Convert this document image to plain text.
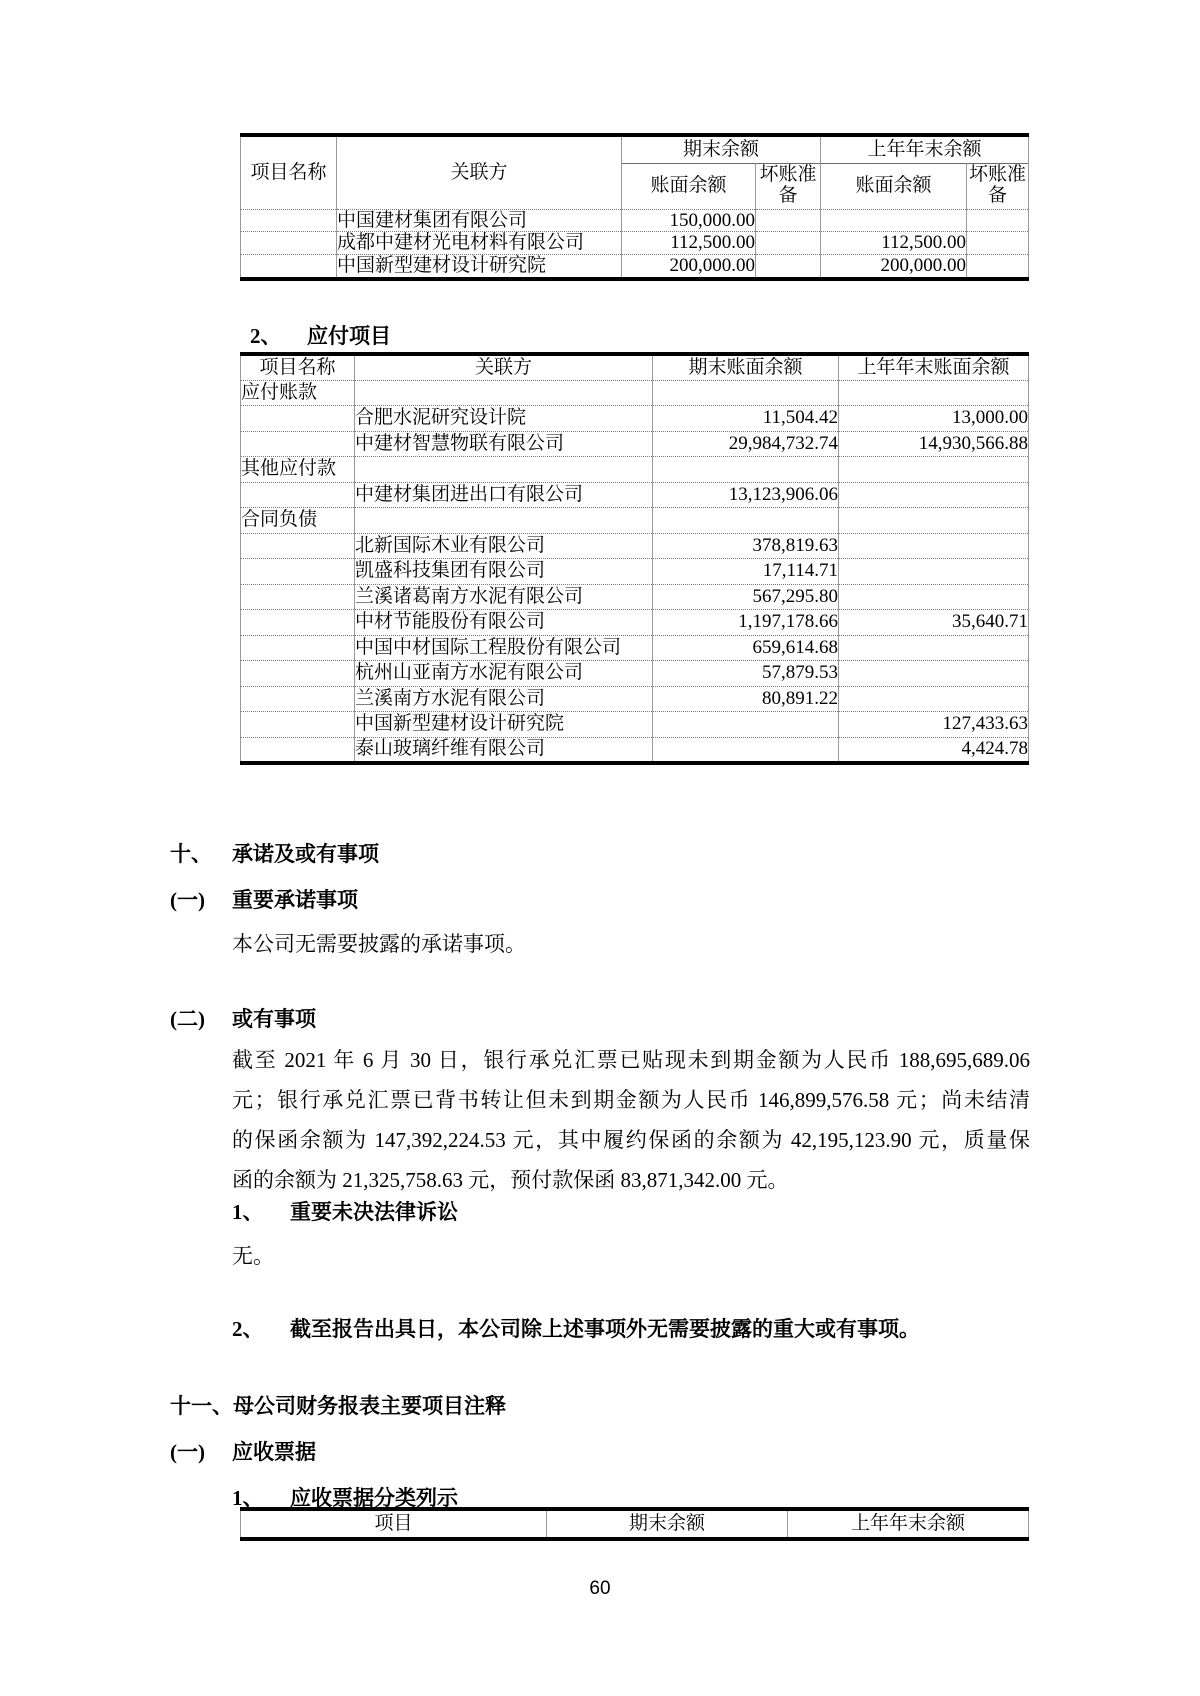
项目名称	关联方	期末余额		上年年末余额	
		账面余额	坏账准备	账面余额	坏账准备
	中国建材集团有限公司	150,000.00			
	成都中建材光电材料有限公司	112,500.00		112,500.00	
	中国新型建材设计研究院	200,000.00		200,000.00	
2、 应付项目
项目名称	关联方	期末账面余额	上年年末账面余额
应付账款			
	合肥水泥研究设计院	11,504.42	13,000.00
	中建材智慧物联有限公司	29,984,732.74	14,930,566.88
其他应付款			
	中建材集团进出口有限公司	13,123,906.06	
合同负债			
	北新国际木业有限公司	378,819.63	
	凯盛科技集团有限公司	17,114.71	
	兰溪诸葛南方水泥有限公司	567,295.80	
	中材节能股份有限公司	1,197,178.66	35,640.71
	中国中材国际工程股份有限公司	659,614.68	
	杭州山亚南方水泥有限公司	57,879.53	
	兰溪南方水泥有限公司	80,891.22	
	中国新型建材设计研究院		127,433.63
	泰山玻璃纤维有限公司		4,424.78
十、 承诺及或有事项
(一) 重要承诺事项
本公司无需要披露的承诺事项。
(二) 或有事项
截至 2021 年 6 月 30 日，银行承兑汇票已贴现未到期金额为人民币 188,695,689.06
元；银行承兑汇票已背书转让但未到期金额为人民币 146,899,576.58 元；尚未结清
的保函余额为 147,392,224.53 元，其中履约保函的余额为 42,195,123.90 元，质量保
函的余额为 21,325,758.63 元，预付款保函 83,871,342.00 元。
1、 重要未决法律诉讼
无。
2、 截至报告出具日，本公司除上述事项外无需要披露的重大或有事项。
十一、母公司财务报表主要项目注释
(一) 应收票据
1、 应收票据分类列示
项目	期末余额	上年年末余额
60
